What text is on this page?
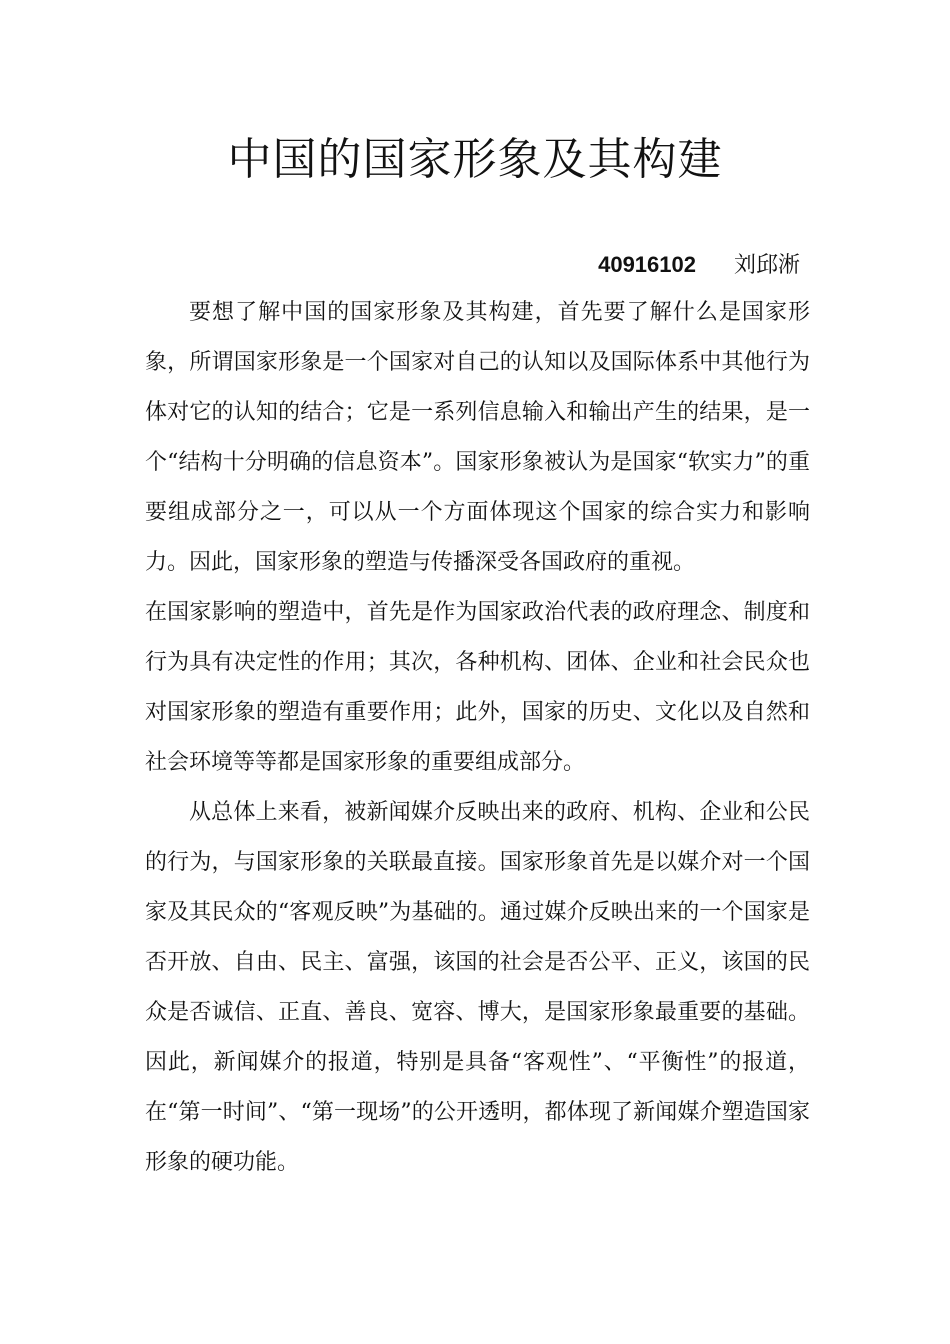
中国的国家形象及其构建
40916102 刘邱淅

要想了解中国的国家形象及其构建，首先要了解什么是国家形象，所谓国家形象是一个国家对自己的认知以及国际体系中其他行为体对它的认知的结合；它是一系列信息输入和输出产生的结果，是一个“结构十分明确的信息资本”。国家形象被认为是国家“软实力”的重要组成部分之一，可以从一个方面体现这个国家的综合实力和影响力。因此，国家形象的塑造与传播深受各国政府的重视。

在国家影响的塑造中，首先是作为国家政治代表的政府理念、制度和行为具有决定性的作用；其次，各种机构、团体、企业和社会民众也对国家形象的塑造有重要作用；此外，国家的历史、文化以及自然和社会环境等等都是国家形象的重要组成部分。

从总体上来看，被新闻媒介反映出来的政府、机构、企业和公民的行为，与国家形象的关联最直接。国家形象首先是以媒介对一个国家及其民众的“客观反映”为基础的。通过媒介反映出来的一个国家是否开放、自由、民主、富强，该国的社会是否公平、正义，该国的民众是否诚信、正直、善良、宽容、博大，是国家形象最重要的基础。因此，新闻媒介的报道，特别是具备“客观性”、“平衡性”的报道，在“第一时间”、“第一现场”的公开透明，都体现了新闻媒介塑造国家形象的硬功能。
